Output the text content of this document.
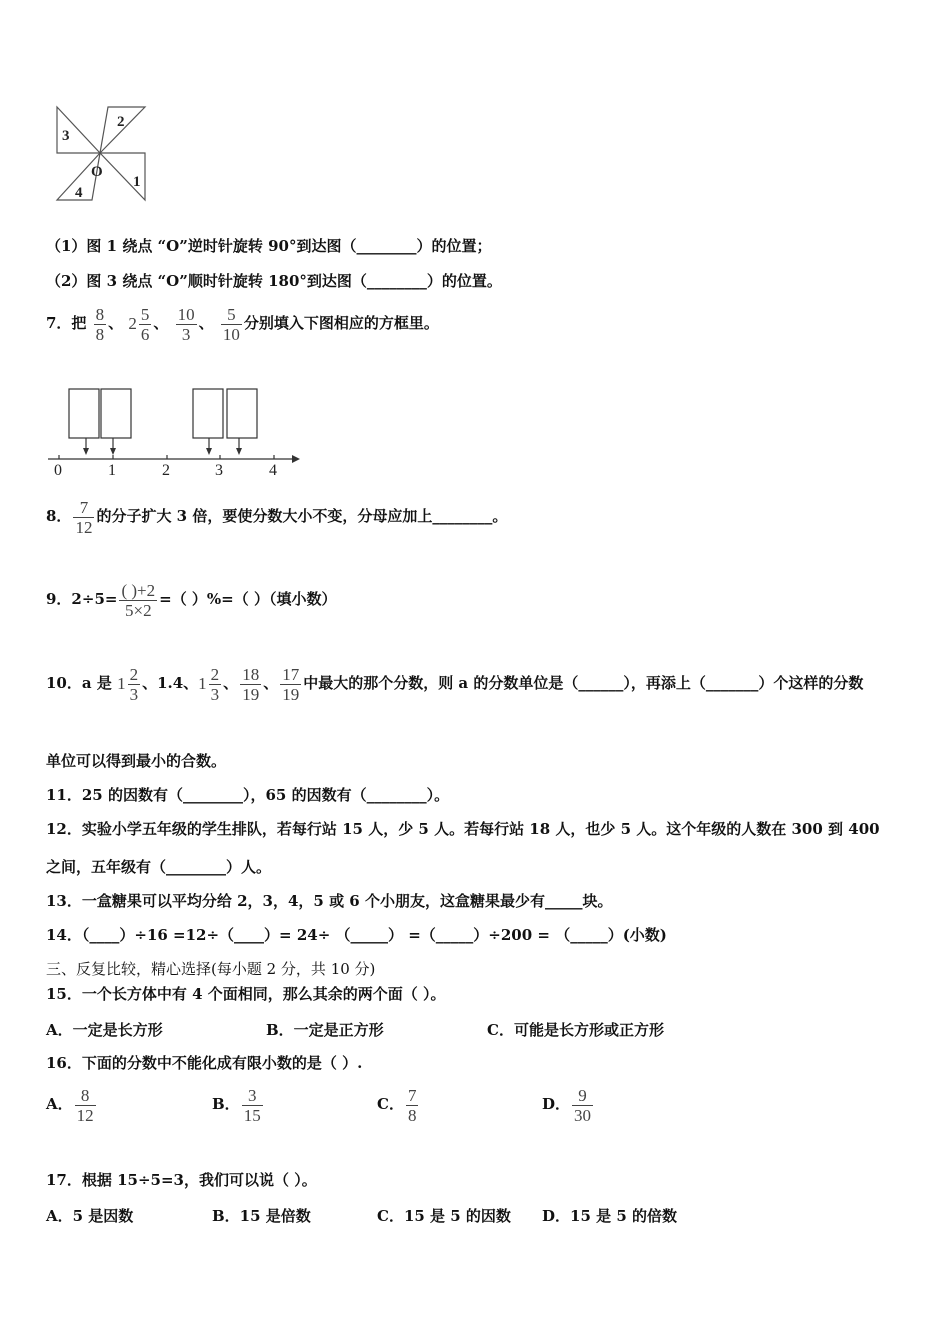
3
2
O
1
4
（1）图 1 绕点 “O”逆时针旋转 90°到达图（________）的位置；
（2）图 3 绕点 “O”顺时针旋转 180°到达图（________）的位置。
7．把 $\frac{8}{8}$ 、 $2 \frac{5}{6}$ 、 $\frac{10}{3}$ 、 $\frac{5}{10}$ 分别填入下图相应的方框里。
0	1	2	3	4
8． $\frac{7}{12}$ 的分子扩大 3 倍，要使分数大小不变，分母应加上________。
9．$2\div 5= \frac{( )+2}{5\times 2}$ =（ ）%=（ ）（填小数）
10．a 是 $1 \frac{2}{3}$ 、1.4、$1 \frac{2}{3}$ 、 $\frac{18}{19}$ 、 $\frac{17}{19}$ 中最大的那个分数，则 a 的分数单位是（______），再添上（_______）个这样的分数
单位可以得到最小的合数。
11．25 的因数有（________），65 的因数有（________）。
12．实验小学五年级的学生排队，若每行站 15 人，少 5 人。若每行站 18 人，也少 5 人。这个年级的人数在 300 到 400
之间，五年级有（________）人。
13．一盒糖果可以平均分给 2，3，4，5 或 6 个小朋友，这盒糖果最少有_____块。
14．（____）÷16 =12÷（____）= 24÷ （_____） =（_____）÷200 = （_____）(小数)
三、反复比较，精心选择(每小题 2 分，共 10 分)
15．一个长方体中有 4 个面相同，那么其余的两个面（ ）。
A．一定是长方形	B．一定是正方形	C．可能是长方形或正方形
16．下面的分数中不能化成有限小数的是（ ）.
A． $\frac{8}{12}$	B． $\frac{3}{15}$	C． $\frac{7}{8}$	D． $\frac{9}{30}$
17．根据 15÷5=3，我们可以说（ ）。
A．5 是因数	B．15 是倍数	C．15 是 5 的因数 D．15 是 5 的倍数
